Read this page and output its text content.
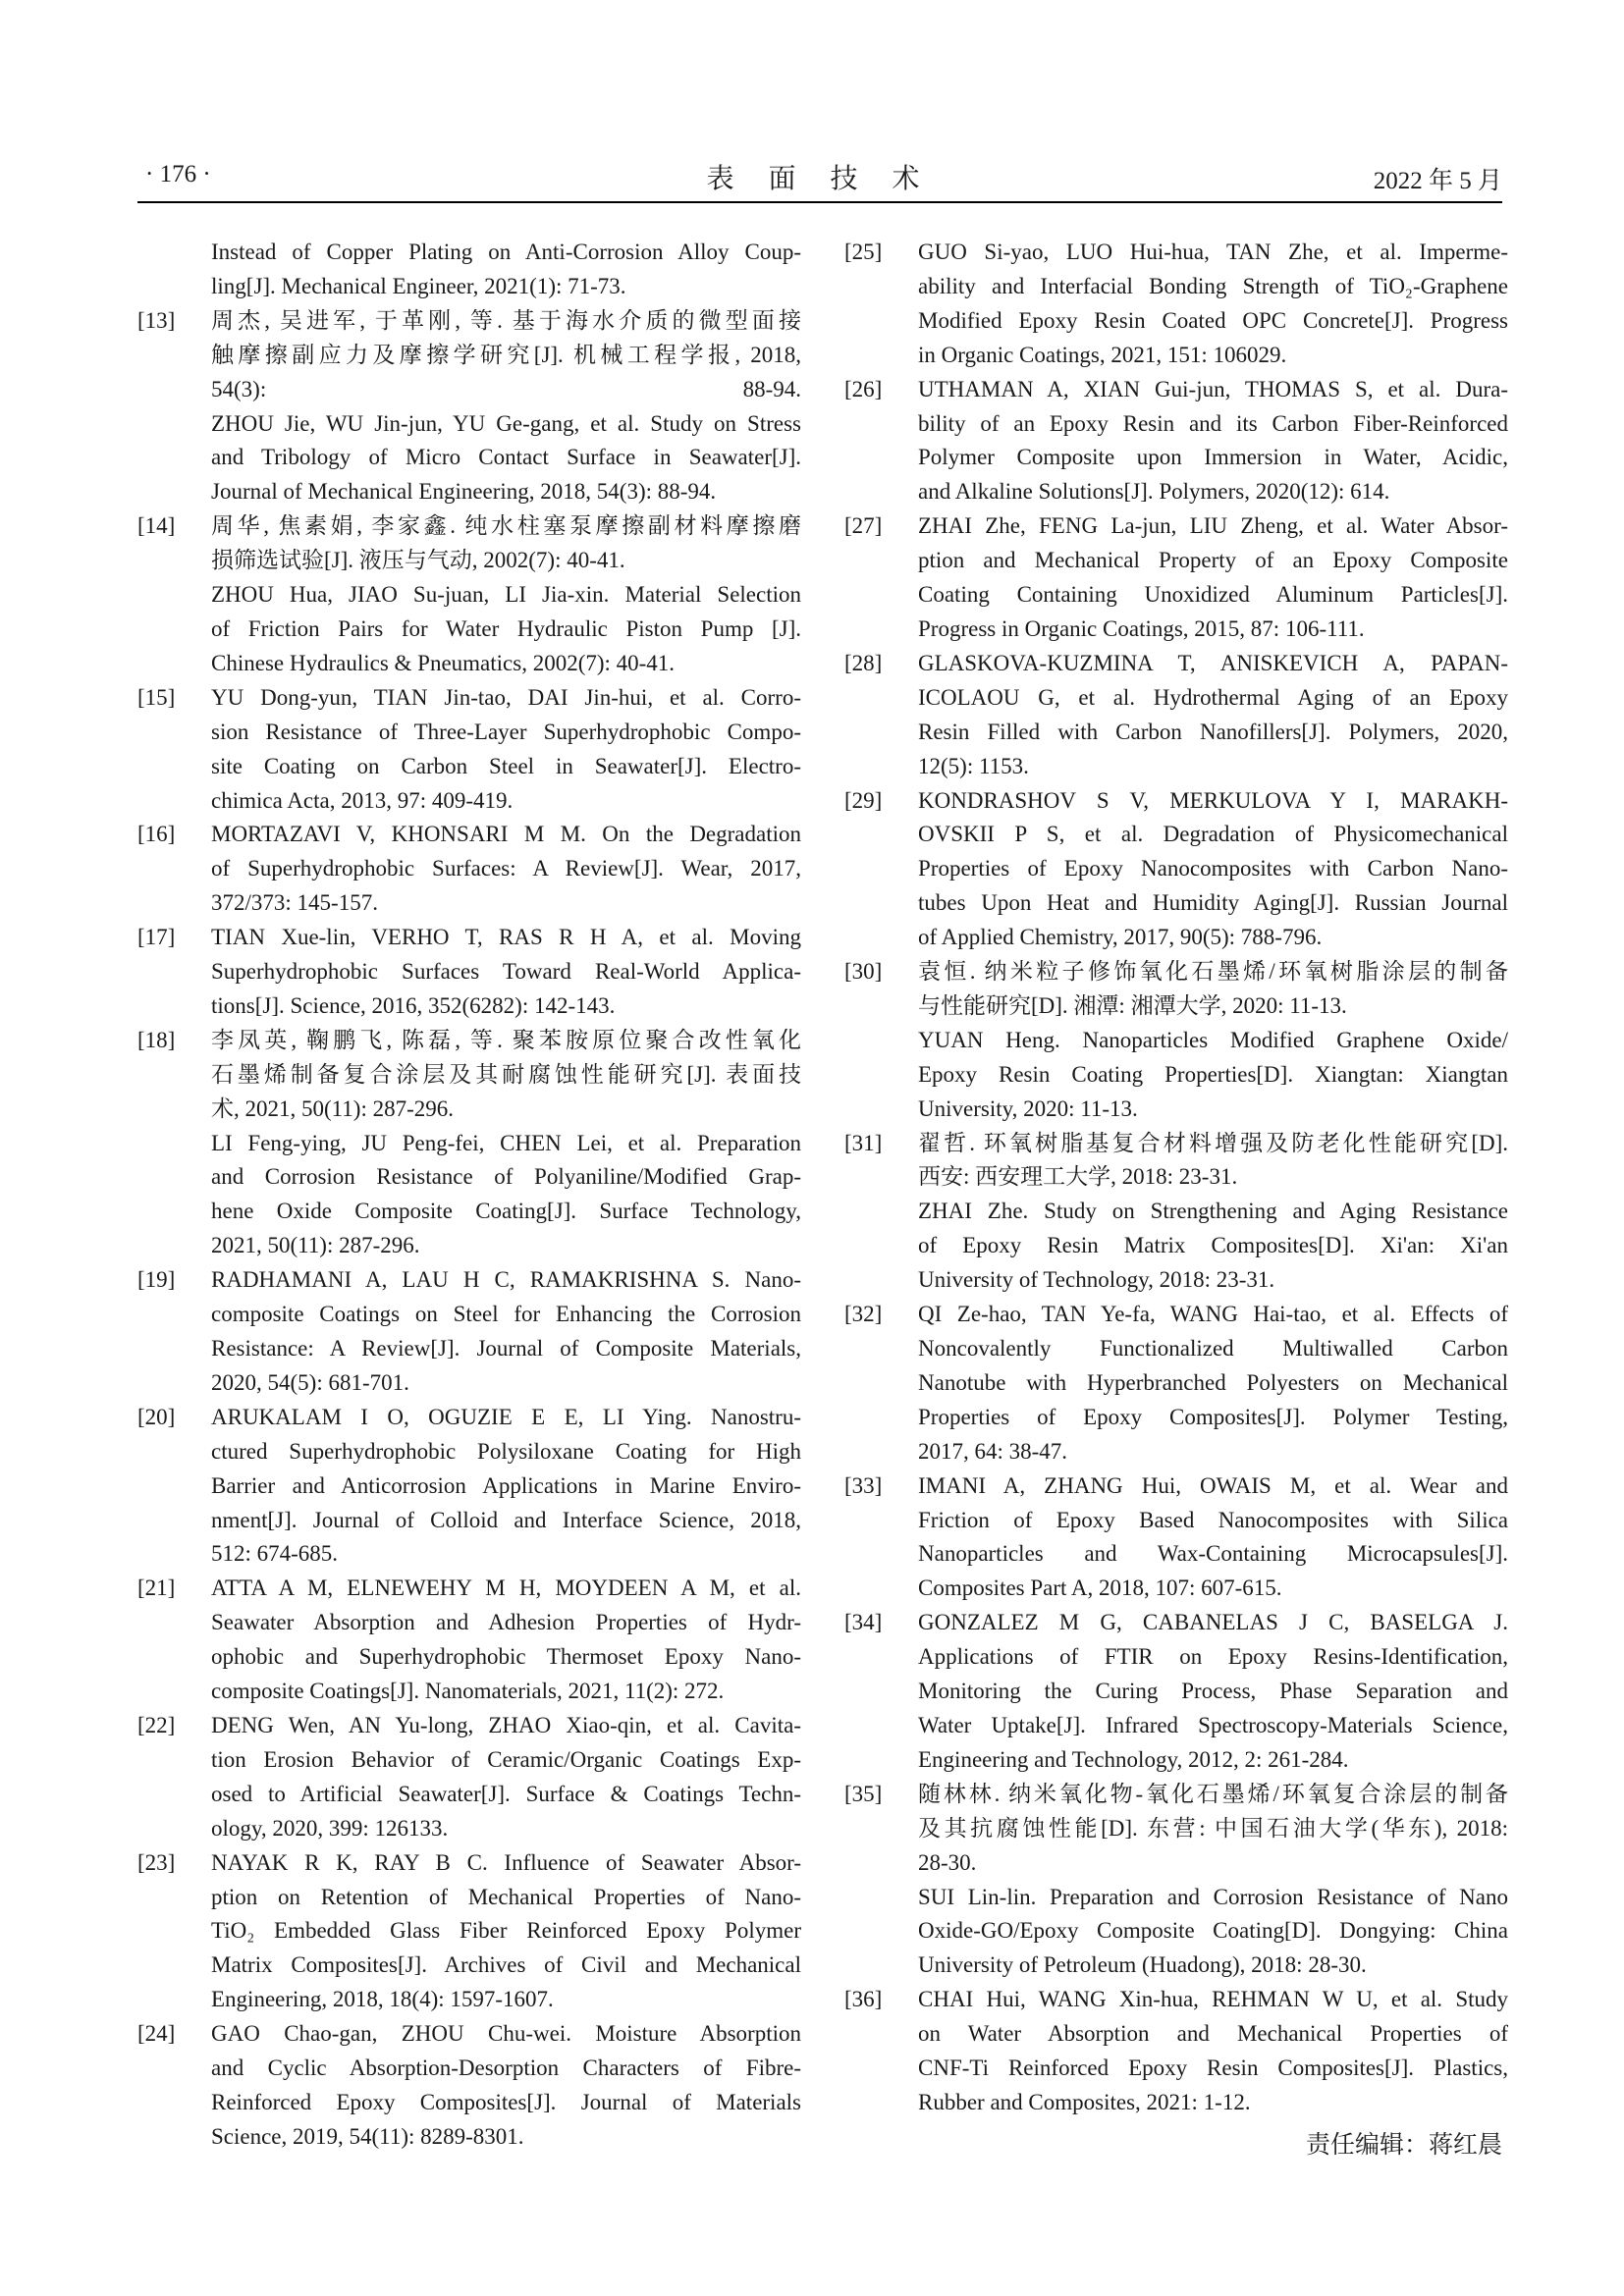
· 176 ·	表 面 技 术	2022 年 5 月
Instead of Copper Plating on Anti-Corrosion Alloy Coup-
ling[J]. Mechanical Engineer, 2021(1): 71-73.
[13] 周杰, 吴进军, 于革刚, 等. 基于海水介质的微型面接
触摩擦副应力及摩擦学研究[J]. 机械工程学报, 2018,
54(3): 88-94.
ZHOU Jie, WU Jin-jun, YU Ge-gang, et al. Study on Stress
and Tribology of Micro Contact Surface in Seawater[J].
Journal of Mechanical Engineering, 2018, 54(3): 88-94.
[14] 周华, 焦素娟, 李家鑫. 纯水柱塞泵摩擦副材料摩擦磨
损筛选试验[J]. 液压与气动, 2002(7): 40-41.
ZHOU Hua, JIAO Su-juan, LI Jia-xin. Material Selection
of Friction Pairs for Water Hydraulic Piston Pump [J].
Chinese Hydraulics & Pneumatics, 2002(7): 40-41.
[15] YU Dong-yun, TIAN Jin-tao, DAI Jin-hui, et al. Corro-
sion Resistance of Three-Layer Superhydrophobic Compo-
site Coating on Carbon Steel in Seawater[J]. Electro-
chimica Acta, 2013, 97: 409-419.
[16] MORTAZAVI V, KHONSARI M M. On the Degradation
of Superhydrophobic Surfaces: A Review[J]. Wear, 2017,
372/373: 145-157.
[17] TIAN Xue-lin, VERHO T, RAS R H A, et al. Moving
Superhydrophobic Surfaces Toward Real-World Applica-
tions[J]. Science, 2016, 352(6282): 142-143.
[18] 李凤英, 鞠鹏飞, 陈磊, 等. 聚苯胺原位聚合改性氧化
石墨烯制备复合涂层及其耐腐蚀性能研究[J]. 表面技
术, 2021, 50(11): 287-296.
LI Feng-ying, JU Peng-fei, CHEN Lei, et al. Preparation
and Corrosion Resistance of Polyaniline/Modified Grap-
hene Oxide Composite Coating[J]. Surface Technology,
2021, 50(11): 287-296.
[19] RADHAMANI A, LAU H C, RAMAKRISHNA S. Nano-
composite Coatings on Steel for Enhancing the Corrosion
Resistance: A Review[J]. Journal of Composite Materials,
2020, 54(5): 681-701.
[20] ARUKALAM I O, OGUZIE E E, LI Ying. Nanostru-
ctured Superhydrophobic Polysiloxane Coating for High
Barrier and Anticorrosion Applications in Marine Enviro-
nment[J]. Journal of Colloid and Interface Science, 2018,
512: 674-685.
[21] ATTA A M, ELNEWEHY M H, MOYDEEN A M, et al.
Seawater Absorption and Adhesion Properties of Hydr-
ophobic and Superhydrophobic Thermoset Epoxy Nano-
composite Coatings[J]. Nanomaterials, 2021, 11(2): 272.
[22] DENG Wen, AN Yu-long, ZHAO Xiao-qin, et al. Cavita-
tion Erosion Behavior of Ceramic/Organic Coatings Exp-
osed to Artificial Seawater[J]. Surface & Coatings Techn-
ology, 2020, 399: 126133.
[23] NAYAK R K, RAY B C. Influence of Seawater Absor-
ption on Retention of Mechanical Properties of Nano-
TiO₂ Embedded Glass Fiber Reinforced Epoxy Polymer
Matrix Composites[J]. Archives of Civil and Mechanical
Engineering, 2018, 18(4): 1597-1607.
[24] GAO Chao-gan, ZHOU Chu-wei. Moisture Absorption
and Cyclic Absorption-Desorption Characters of Fibre-
Reinforced Epoxy Composites[J]. Journal of Materials
Science, 2019, 54(11): 8289-8301.
[25] GUO Si-yao, LUO Hui-hua, TAN Zhe, et al. Imperme-
ability and Interfacial Bonding Strength of TiO₂-Graphene
Modified Epoxy Resin Coated OPC Concrete[J]. Progress
in Organic Coatings, 2021, 151: 106029.
[26] UTHAMAN A, XIAN Gui-jun, THOMAS S, et al. Dura-
bility of an Epoxy Resin and its Carbon Fiber-Reinforced
Polymer Composite upon Immersion in Water, Acidic,
and Alkaline Solutions[J]. Polymers, 2020(12): 614.
[27] ZHAI Zhe, FENG La-jun, LIU Zheng, et al. Water Absor-
ption and Mechanical Property of an Epoxy Composite
Coating Containing Unoxidized Aluminum Particles[J].
Progress in Organic Coatings, 2015, 87: 106-111.
[28] GLASKOVA-KUZMINA T, ANISKEVICH A, PAPAN-
ICOLAOU G, et al. Hydrothermal Aging of an Epoxy
Resin Filled with Carbon Nanofillers[J]. Polymers, 2020,
12(5): 1153.
[29] KONDRASHOV S V, MERKULOVA Y I, MARAKH-
OVSKII P S, et al. Degradation of Physicomechanical
Properties of Epoxy Nanocomposites with Carbon Nano-
tubes Upon Heat and Humidity Aging[J]. Russian Journal
of Applied Chemistry, 2017, 90(5): 788-796.
[30] 袁恒. 纳米粒子修饰氧化石墨烯/环氧树脂涂层的制备
与性能研究[D]. 湘潭: 湘潭大学, 2020: 11-13.
YUAN Heng. Nanoparticles Modified Graphene Oxide/
Epoxy Resin Coating Properties[D]. Xiangtan: Xiangtan
University, 2020: 11-13.
[31] 翟哲. 环氧树脂基复合材料增强及防老化性能研究[D].
西安: 西安理工大学, 2018: 23-31.
ZHAI Zhe. Study on Strengthening and Aging Resistance
of Epoxy Resin Matrix Composites[D]. Xi'an: Xi'an
University of Technology, 2018: 23-31.
[32] QI Ze-hao, TAN Ye-fa, WANG Hai-tao, et al. Effects of
Noncovalently Functionalized Multiwalled Carbon
Nanotube with Hyperbranched Polyesters on Mechanical
Properties of Epoxy Composites[J]. Polymer Testing,
2017, 64: 38-47.
[33] IMANI A, ZHANG Hui, OWAIS M, et al. Wear and
Friction of Epoxy Based Nanocomposites with Silica
Nanoparticles and Wax-Containing Microcapsules[J].
Composites Part A, 2018, 107: 607-615.
[34] GONZALEZ M G, CABANELAS J C, BASELGA J.
Applications of FTIR on Epoxy Resins-Identification,
Monitoring the Curing Process, Phase Separation and
Water Uptake[J]. Infrared Spectroscopy-Materials Science,
Engineering and Technology, 2012, 2: 261-284.
[35] 随林林. 纳米氧化物-氧化石墨烯/环氧复合涂层的制备
及其抗腐蚀性能[D]. 东营: 中国石油大学(华东), 2018:
28-30.
SUI Lin-lin. Preparation and Corrosion Resistance of Nano
Oxide-GO/Epoxy Composite Coating[D]. Dongying: China
University of Petroleum (Huadong), 2018: 28-30.
[36] CHAI Hui, WANG Xin-hua, REHMAN W U, et al. Study
on Water Absorption and Mechanical Properties of
CNF-Ti Reinforced Epoxy Resin Composites[J]. Plastics,
Rubber and Composites, 2021: 1-12.
责任编辑：蒋红晨
